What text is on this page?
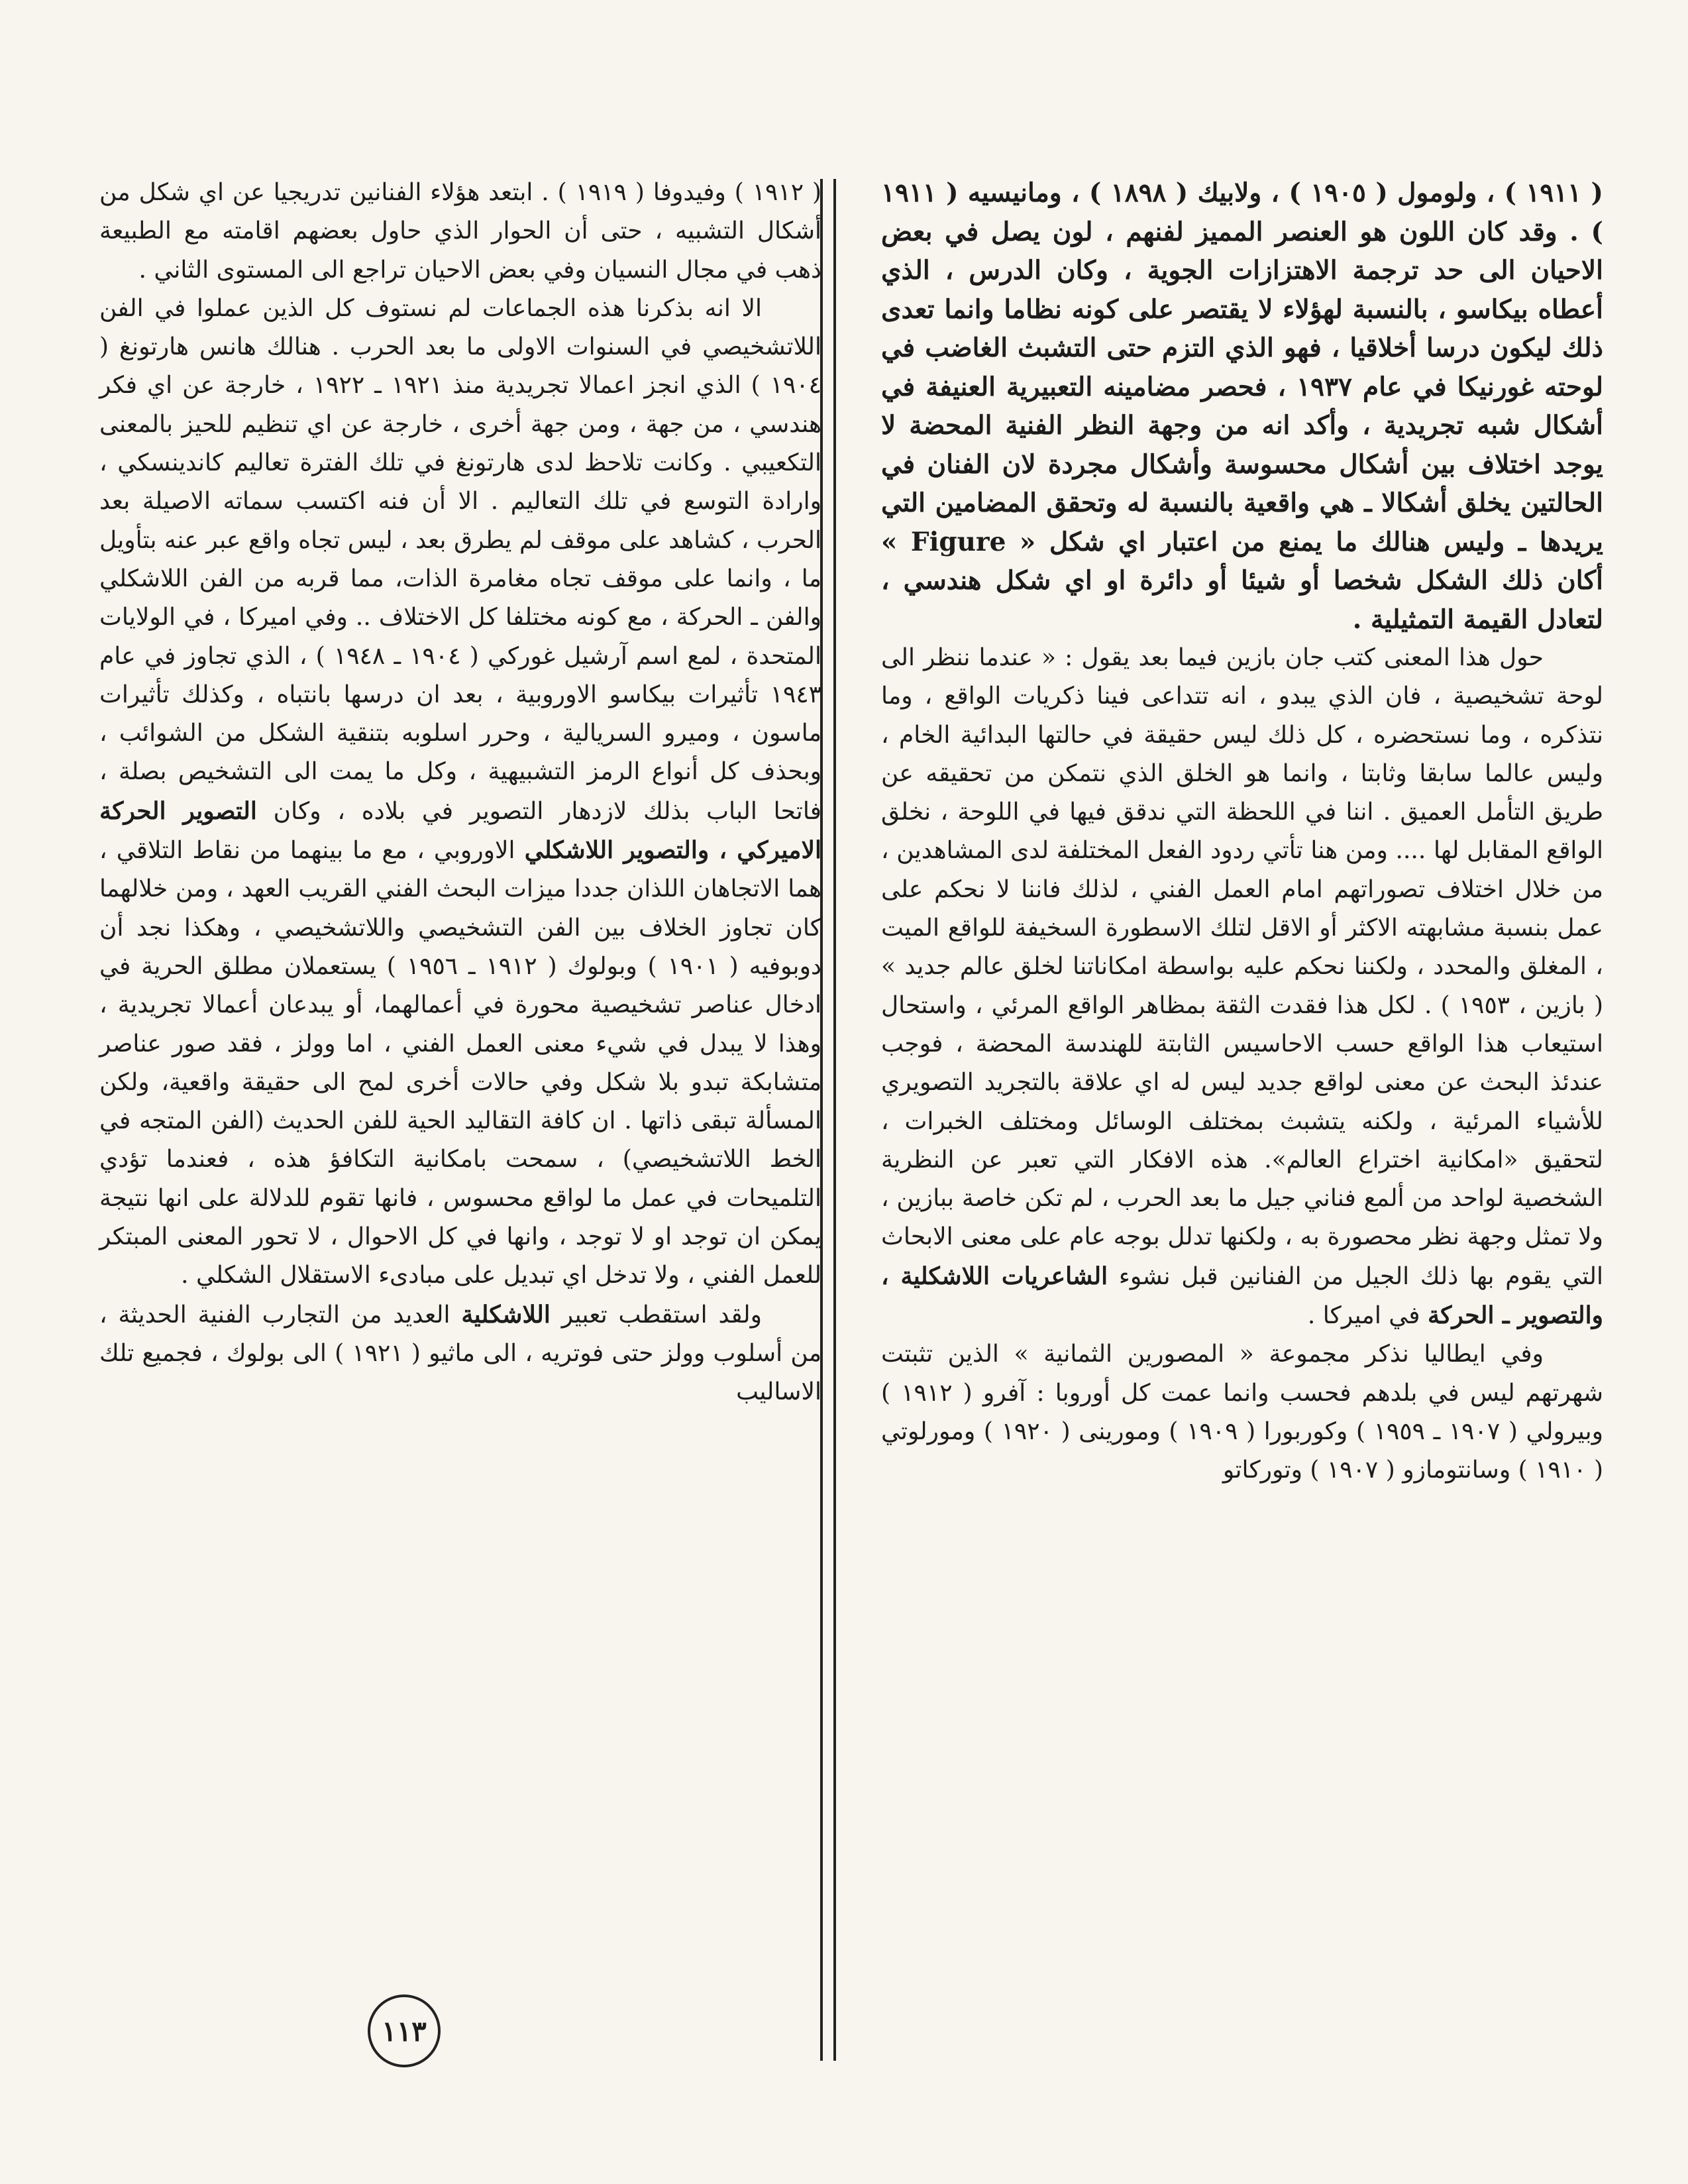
( ١٩١١ ) ، ولومول ( ١٩٠٥ ) ، ولابيك ( ١٨٩٨ ) ، ومانيسيه ( ١٩١١ ) . وقد كان اللون هو العنصر المميز لفنهم ، لون يصل في بعض الاحيان الى حد ترجمة الاهتزازات الجوية ، وكان الدرس ، الذي أعطاه بيكاسو ، بالنسبة لهؤلاء لا يقتصر على كونه نظاما وانما تعدى ذلك ليكون درسا أخلاقيا ، فهو الذي التزم حتى التشبث الغاضب في لوحته غورنيكا في عام ١٩٣٧ ، فحصر مضامينه التعبيرية العنيفة في أشكال شبه تجريدية ، وأكد انه من وجهة النظر الفنية المحضة لا يوجد اختلاف بين أشكال محسوسة وأشكال مجردة لان الفنان في الحالتين يخلق أشكالا ـ هي واقعية بالنسبة له وتحقق المضامين التي يريدها ـ وليس هنالك ما يمنع من اعتبار اي شكل « Figure » أكان ذلك الشكل شخصا أو شيئا أو دائرة او اي شكل هندسي ، لتعادل القيمة التمثيلية .

حول هذا المعنى كتب جان بازين فيما بعد يقول : « عندما ننظر الى لوحة تشخيصية ، فان الذي يبدو ، انه تتداعى فينا ذكريات الواقع ، وما نتذكره ، وما نستحضره ، كل ذلك ليس حقيقة في حالتها البدائية الخام ، وليس عالما سابقا وثابتا ، وانما هو الخلق الذي نتمكن من تحقيقه عن طريق التأمل العميق . اننا في اللحظة التي ندقق فيها في اللوحة ، نخلق الواقع المقابل لها .... ومن هنا تأتي ردود الفعل المختلفة لدى المشاهدين ، من خلال اختلاف تصوراتهم امام العمل الفني ، لذلك فاننا لا نحكم على عمل بنسبة مشابهته الاكثر أو الاقل لتلك الاسطورة السخيفة للواقع الميت ، المغلق والمحدد ، ولكننا نحكم عليه بواسطة امكاناتنا لخلق عالم جديد » ( بازين ، ١٩٥٣ ) . لكل هذا فقدت الثقة بمظاهر الواقع المرئي ، واستحال استيعاب هذا الواقع حسب الاحاسيس الثابتة للهندسة المحضة ، فوجب عندئذ البحث عن معنى لواقع جديد ليس له اي علاقة بالتجريد التصويري للأشياء المرئية ، ولكنه يتشبث بمختلف الوسائل ومختلف الخبرات ، لتحقيق «امكانية اختراع العالم». هذه الافكار التي تعبر عن النظرية الشخصية لواحد من ألمع فناني جيل ما بعد الحرب ، لم تكن خاصة ببازين ، ولا تمثل وجهة نظر محصورة به ، ولكنها تدلل بوجه عام على معنى الابحاث التي يقوم بها ذلك الجيل من الفنانين قبل نشوء الشاعريات اللاشكلية ، والتصوير ـ الحركة في اميركا .

وفي ايطاليا نذكر مجموعة « المصورين الثمانية » الذين تثبتت شهرتهم ليس في بلدهم فحسب وانما عمت كل أوروبا : آفرو ( ١٩١٢ ) وبيرولي ( ١٩٠٧ ـ ١٩٥٩ ) وكوربورا ( ١٩٠٩ ) ومورينى ( ١٩٢٠ ) ومورلوتي ( ١٩١٠ ) وسانتومازو ( ١٩٠٧ ) وتوركاتو

( ١٩١٢ ) وفيدوفا ( ١٩١٩ ) . ابتعد هؤلاء الفنانين تدريجيا عن اي شكل من أشكال التشبيه ، حتى أن الحوار الذي حاول بعضهم اقامته مع الطبيعة ذهب في مجال النسيان وفي بعض الاحيان تراجع الى المستوى الثاني .

الا انه بذكرنا هذه الجماعات لم نستوف كل الذين عملوا في الفن اللاتشخيصي في السنوات الاولى ما بعد الحرب . هنالك هانس هارتونغ ( ١٩٠٤ ) الذي انجز اعمالا تجريدية منذ ١٩٢١ ـ ١٩٢٢ ، خارجة عن اي فكر هندسي ، من جهة ، ومن جهة أخرى ، خارجة عن اي تنظيم للحيز بالمعنى التكعيبي . وكانت تلاحظ لدى هارتونغ في تلك الفترة تعاليم كاندينسكي ، وارادة التوسع في تلك التعاليم . الا أن فنه اكتسب سماته الاصيلة بعد الحرب ، كشاهد على موقف لم يطرق بعد ، ليس تجاه واقع عبر عنه بتأويل ما ، وانما على موقف تجاه مغامرة الذات، مما قربه من الفن اللاشكلي والفن ـ الحركة ، مع كونه مختلفا كل الاختلاف .. وفي اميركا ، في الولايات المتحدة ، لمع اسم آرشيل غوركي ( ١٩٠٤ ـ ١٩٤٨ ) ، الذي تجاوز في عام ١٩٤٣ تأثيرات بيكاسو الاوروبية ، بعد ان درسها بانتباه ، وكذلك تأثيرات ماسون ، وميرو السريالية ، وحرر اسلوبه بتنقية الشكل من الشوائب ، وبحذف كل أنواع الرمز التشبيهية ، وكل ما يمت الى التشخيص بصلة ، فاتحا الباب بذلك لازدهار التصوير في بلاده ، وكان التصوير الحركة الاميركي ، والتصوير اللاشكلي الاوروبي ، مع ما بينهما من نقاط التلاقي ، هما الاتجاهان اللذان جددا ميزات البحث الفني القريب العهد ، ومن خلالهما كان تجاوز الخلاف بين الفن التشخيصي واللاتشخيصي ، وهكذا نجد أن دوبوفيه ( ١٩٠١ ) وبولوك ( ١٩١٢ ـ ١٩٥٦ ) يستعملان مطلق الحرية في ادخال عناصر تشخيصية محورة في أعمالهما، أو يبدعان أعمالا تجريدية ، وهذا لا يبدل في شيء معنى العمل الفني ، اما وولز ، فقد صور عناصر متشابكة تبدو بلا شكل وفي حالات أخرى لمح الى حقيقة واقعية، ولكن المسألة تبقى ذاتها . ان كافة التقاليد الحية للفن الحديث (الفن المتجه في الخط اللاتشخيصي) ، سمحت بامكانية التكافؤ هذه ، فعندما تؤدي التلميحات في عمل ما لواقع محسوس ، فانها تقوم للدلالة على انها نتيجة يمكن ان توجد او لا توجد ، وانها في كل الاحوال ، لا تحور المعنى المبتكر للعمل الفني ، ولا تدخل اي تبديل على مبادىء الاستقلال الشكلي .

ولقد استقطب تعبير اللاشكلية العديد من التجارب الفنية الحديثة ، من أسلوب وولز حتى فوتريه ، الى ماثيو ( ١٩٢١ ) الى بولوك ، فجميع تلك الاساليب

١١٣
